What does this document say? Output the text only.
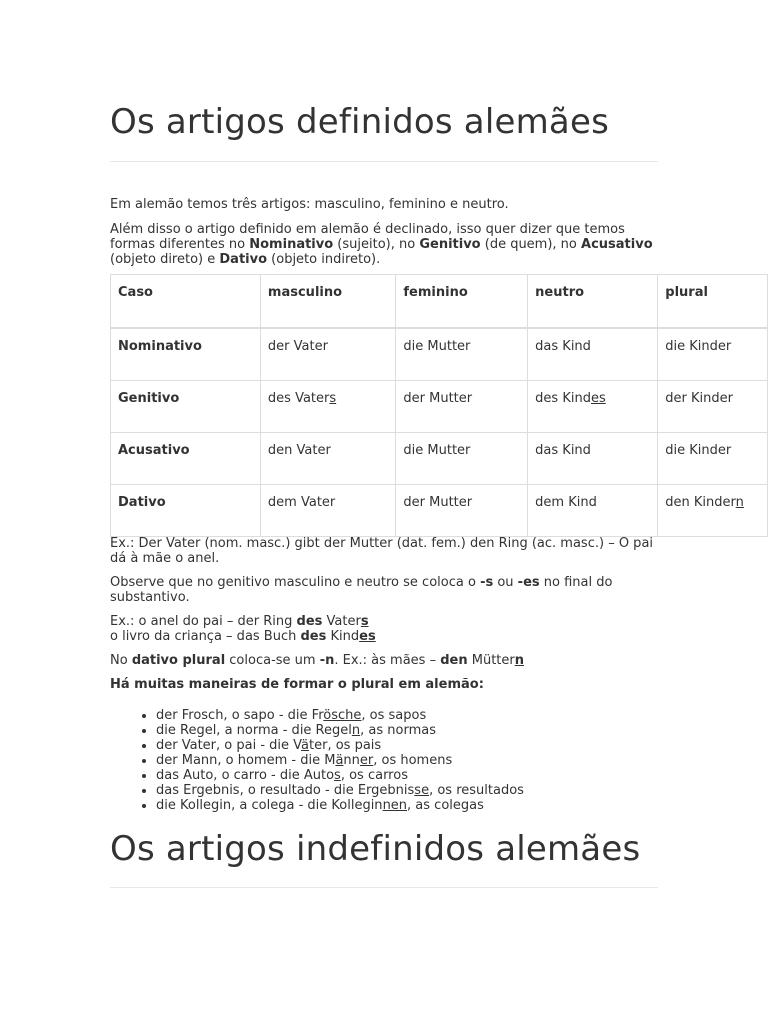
Os artigos definidos alemães

Em alemão temos três artigos: masculino, feminino e neutro.

Além disso o artigo definido em alemão é declinado, isso quer dizer que temos formas diferentes no Nominativo (sujeito), no Genitivo (de quem), no Acusativo (objeto direto) e Dativo (objeto indireto).

Caso	masculino	feminino	neutro	plural
Nominativo	der Vater	die Mutter	das Kind	die Kinder
Genitivo	des Vaters	der Mutter	des Kindes	der Kinder
Acusativo	den Vater	die Mutter	das Kind	die Kinder
Dativo	dem Vater	der Mutter	dem Kind	den Kindern

Ex.: Der Vater (nom. masc.) gibt der Mutter (dat. fem.) den Ring (ac. masc.) – O pai dá à mãe o anel.

Observe que no genitivo masculino e neutro se coloca o -s ou -es no final do substantivo.

Ex.: o anel do pai – der Ring des Vaters
o livro da criança – das Buch des Kindes

No dativo plural coloca-se um -n. Ex.: às mães – den Müttern

Há muitas maneiras de formar o plural em alemão:

• der Frosch, o sapo - die Frösche, os sapos
• die Regel, a norma - die Regeln, as normas
• der Vater, o pai - die Väter, os pais
• der Mann, o homem - die Männer, os homens
• das Auto, o carro - die Autos, os carros
• das Ergebnis, o resultado - die Ergebnisse, os resultados
• die Kollegin, a colega - die Kolleginnen, as colegas
Os artigos indefinidos alemães
